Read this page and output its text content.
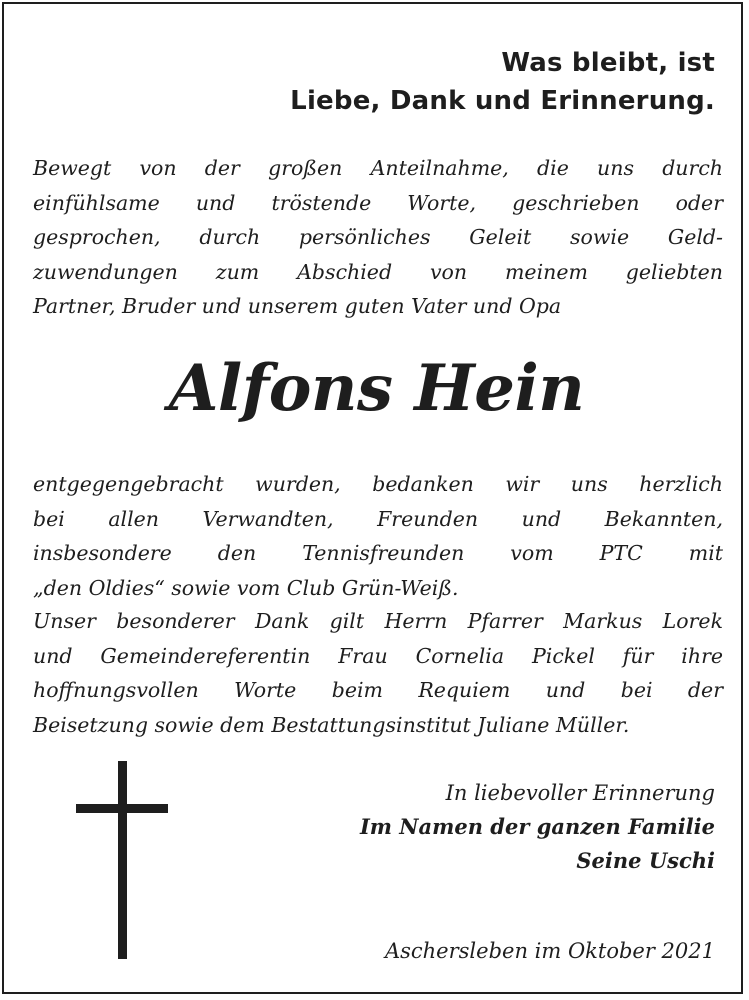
Was bleibt, ist
Liebe, Dank und Erinnerung.
Bewegt von der großen Anteilnahme, die uns durch
einfühlsame und tröstende Worte, geschrieben oder
gesprochen, durch persönliches Geleit sowie Geld-
zuwendungen zum Abschied von meinem geliebten
Partner, Bruder und unserem guten Vater und Opa
Alfons Hein
entgegengebracht wurden, bedanken wir uns herzlich
bei allen Verwandten, Freunden und Bekannten,
insbesondere den Tennisfreunden vom PTC mit
„den Oldies“ sowie vom Club Grün-Weiß.
Unser besonderer Dank gilt Herrn Pfarrer Markus Lorek
und Gemeindereferentin Frau Cornelia Pickel für ihre
hoffnungsvollen Worte beim Requiem und bei der
Beisetzung sowie dem Bestattungsinstitut Juliane Müller.
In liebevoller Erinnerung
Im Namen der ganzen Familie
Seine Uschi
Aschersleben im Oktober 2021
